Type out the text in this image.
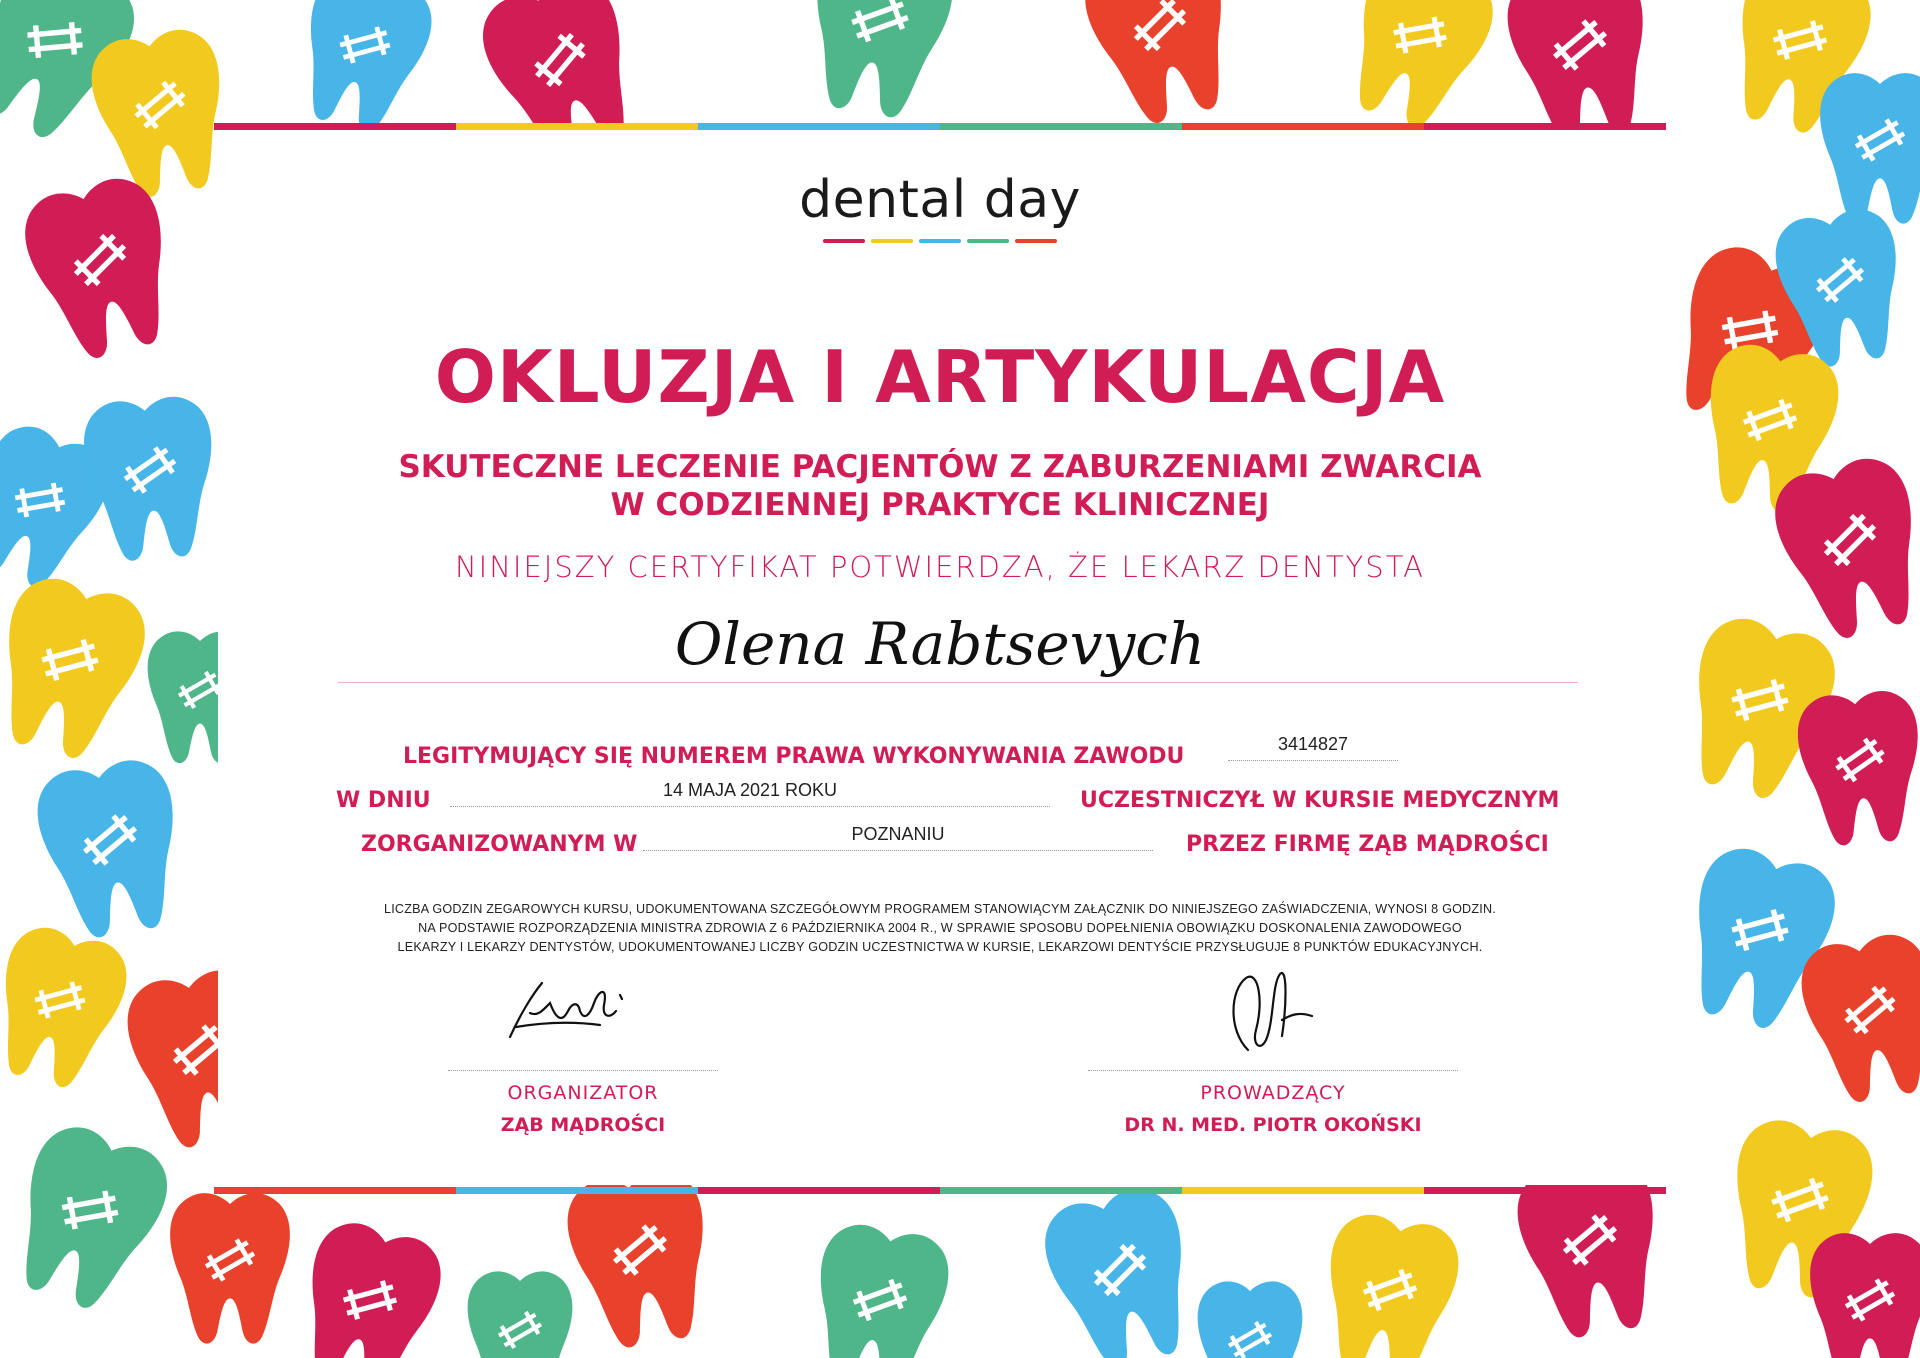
dental day
OKLUZJA I ARTYKULACJA
SKUTECZNE LECZENIE PACJENTÓW Z ZABURZENIAMI ZWARCIA
W CODZIENNEJ PRAKTYCE KLINICZNEJ
NINIEJSZY CERTYFIKAT POTWIERDZA, ŻE LEKARZ DENTYSTA
Olena Rabtsevych
LEGITYMUJĄCY SIĘ NUMEREM PRAWA WYKONYWANIA ZAWODU	3414827
W DNIU	14 MAJA 2021 ROKU	UCZESTNICZYŁ W KURSIE MEDYCZNYM
ZORGANIZOWANYM W	POZNANIU	PRZEZ FIRMĘ ZĄB MĄDROŚCI
LICZBA GODZIN ZEGAROWYCH KURSU, UDOKUMENTOWANA SZCZEGÓŁOWYM PROGRAMEM STANOWIĄCYM ZAŁĄCZNIK DO NINIEJSZEGO ZAŚWIADCZENIA, WYNOSI 8 GODZIN.
NA PODSTAWIE ROZPORZĄDZENIA MINISTRA ZDROWIA Z 6 PAŹDZIERNIKA 2004 R., W SPRAWIE SPOSOBU DOPEŁNIENIA OBOWIĄZKU DOSKONALENIA ZAWODOWEGO
LEKARZY I LEKARZY DENTYSTÓW, UDOKUMENTOWANEJ LICZBY GODZIN UCZESTNICTWA W KURSIE, LEKARZOWI DENTYŚCIE PRZYSŁUGUJE 8 PUNKTÓW EDUKACYJNYCH.
ORGANIZATOR
ZĄB MĄDROŚCI
PROWADZĄCY
DR N. MED. PIOTR OKOŃSKI
